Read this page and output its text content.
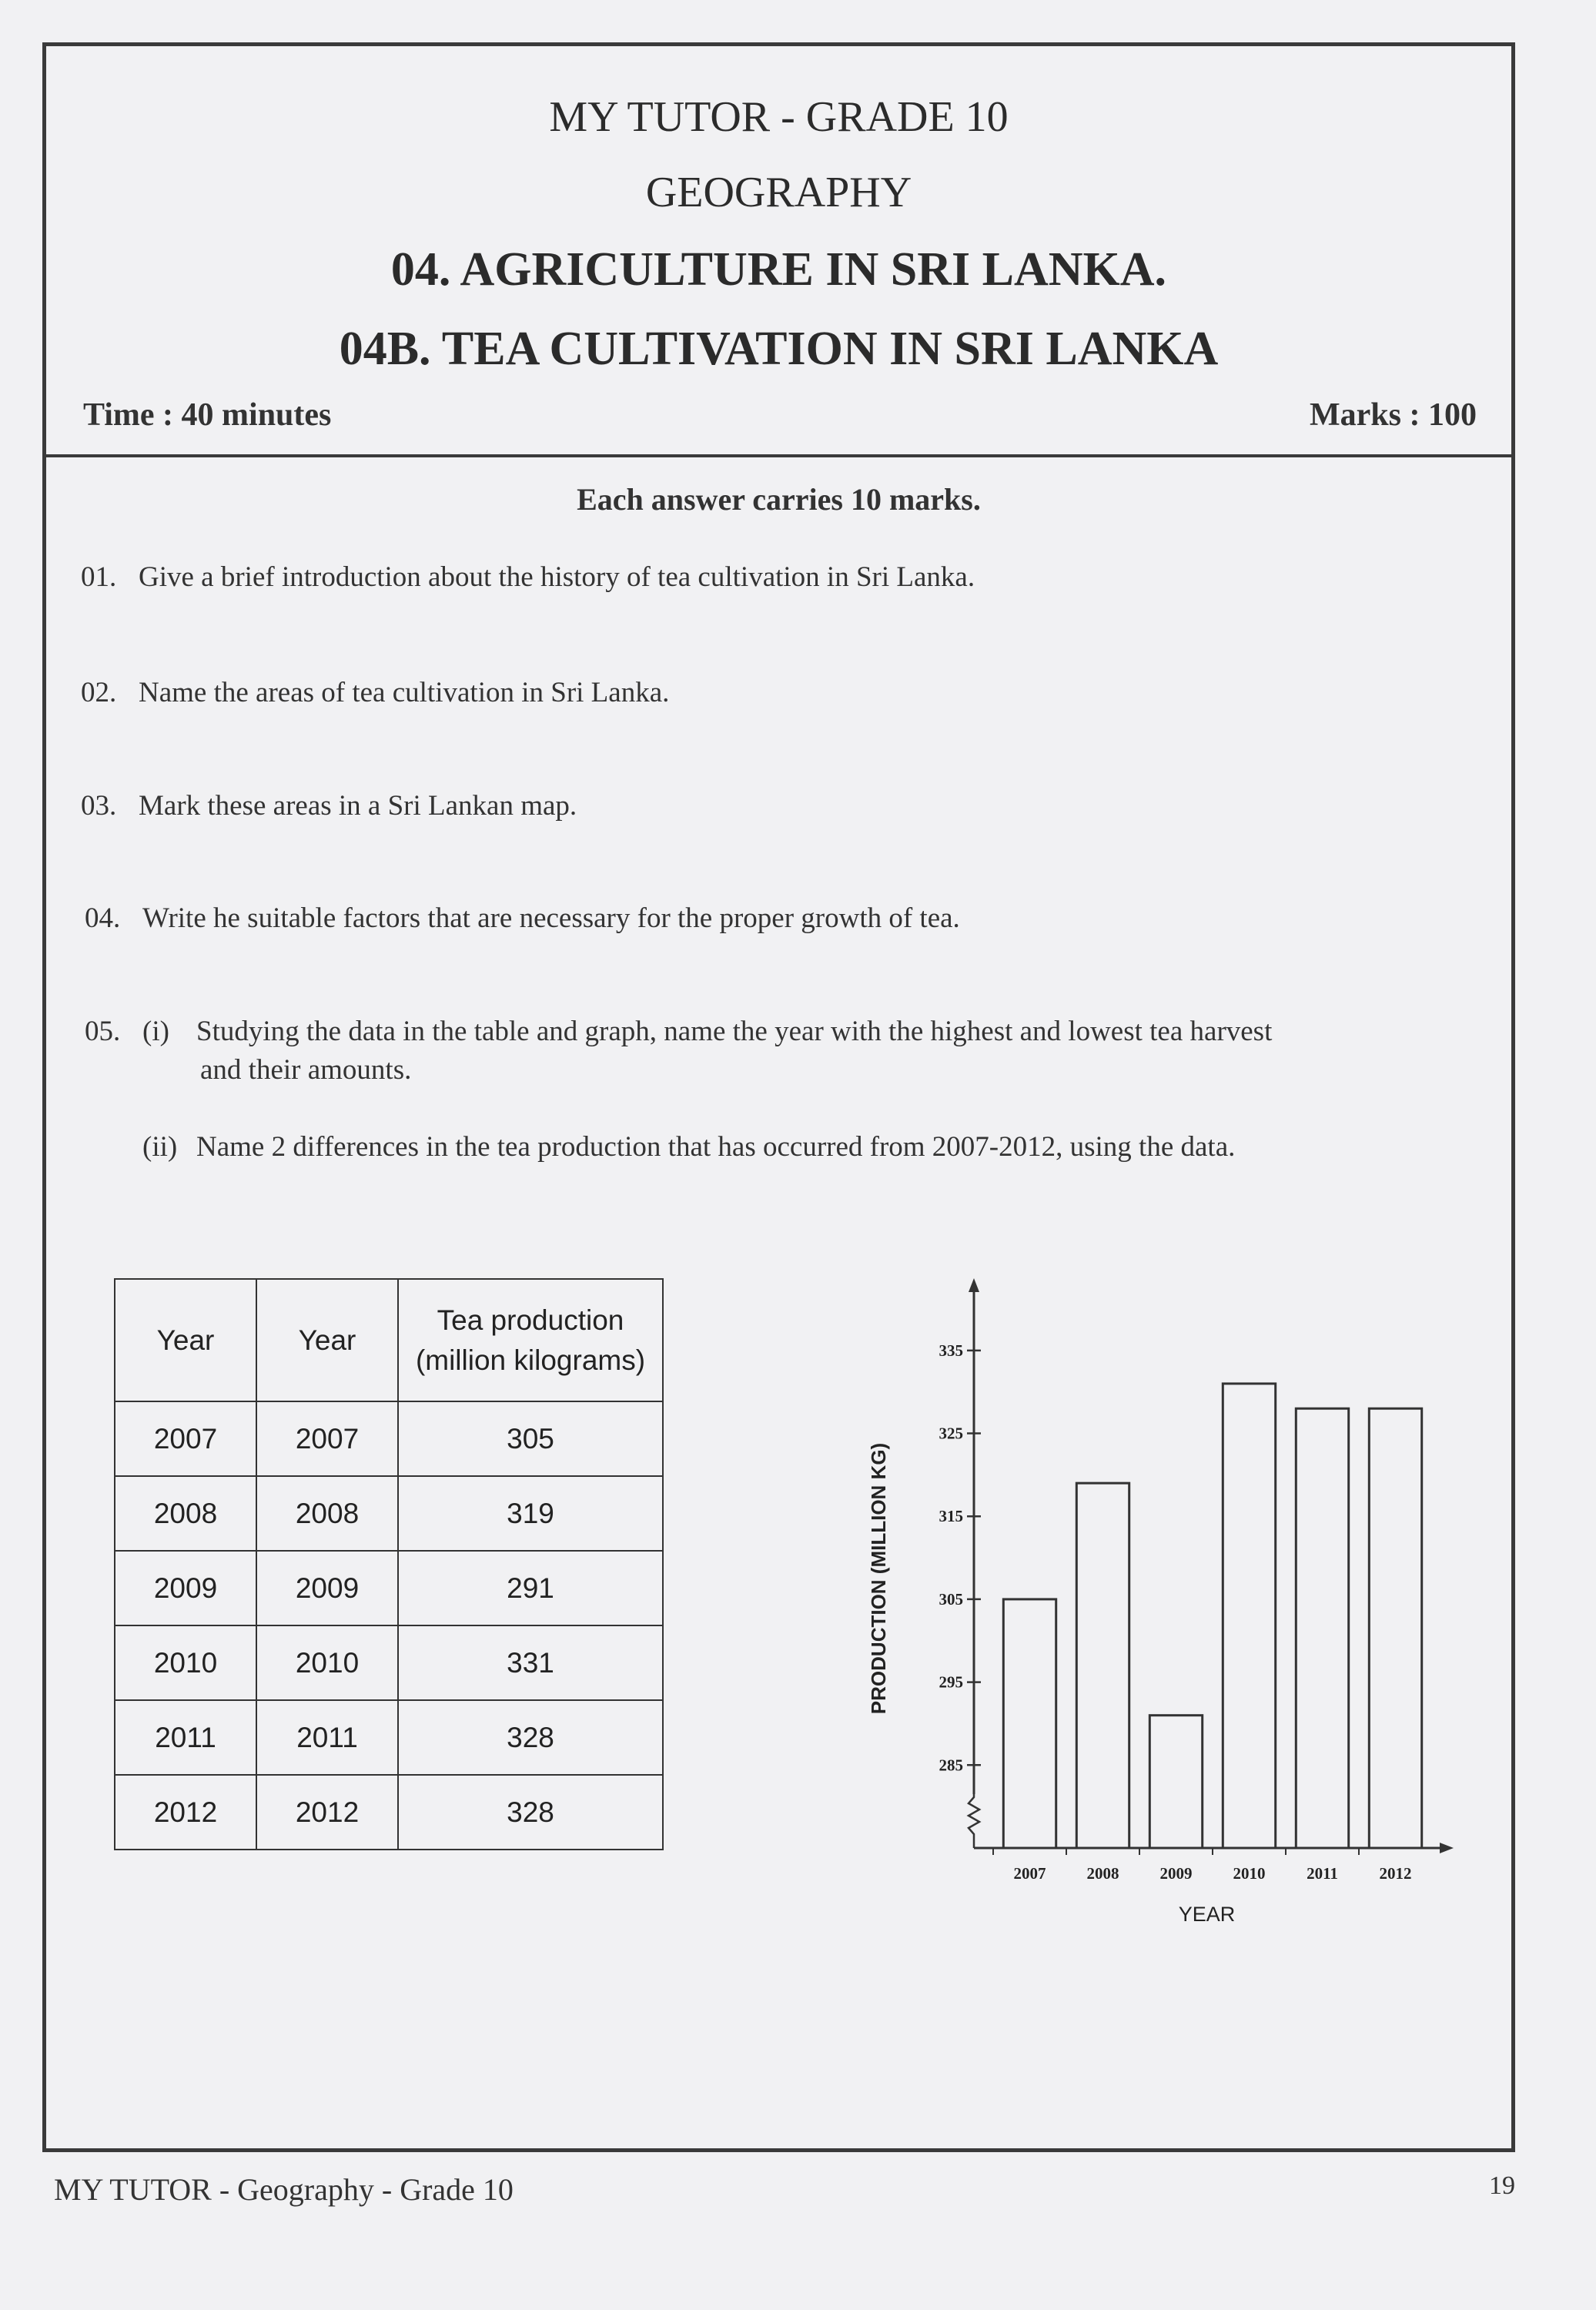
MY TUTOR - GRADE 10
GEOGRAPHY
04. AGRICULTURE IN SRI LANKA.
04B. TEA CULTIVATION IN SRI LANKA
Time : 40 minutes	Marks : 100
Each answer carries 10 marks.
01. Give a brief introduction about the history of tea cultivation in Sri Lanka.
02. Name the areas of tea cultivation in Sri Lanka.
03. Mark these areas in a Sri Lankan map.
04. Write he suitable factors that are necessary for the proper growth of tea.
05. (i) Studying the data in the table and graph, name the year with the highest and lowest tea harvest
and their amounts.
(ii) Name 2 differences in the tea production that has occurred from 2007-2012, using the data.
Year	Year	Tea production
(million kilograms)
2007	2007	305
2008	2008	319
2009	2009	291
2010	2010	331
2011	2011	328
2012	2012	328
285
295
305
315
325
335
2007	2008	2009	2010	2011	2012
YEAR
PRODUCTION (MILLION KG)
MY TUTOR - Geography - Grade 10	19
